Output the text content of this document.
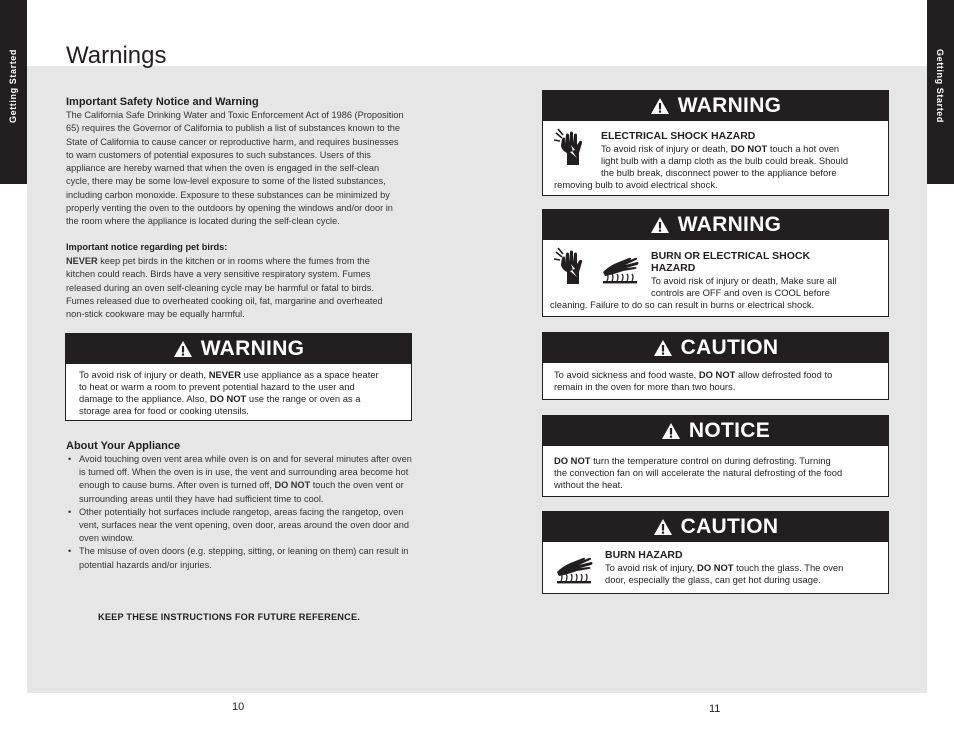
Getting Started	Getting Started
Warnings
Important Safety Notice and Warning
The California Safe Drinking Water and Toxic Enforcement Act of 1986 (Proposition
65) requires the Governor of California to publish a list of substances known to the
State of California to cause cancer or reproductive harm, and requires businesses
to warn customers of potential exposures to such substances. Users of this
appliance are hereby warned that when the oven is engaged in the self-clean
cycle, there may be some low-level exposure to some of the listed substances,
including carbon monoxide. Exposure to these substances can be minimized by
properly venting the oven to the outdoors by opening the windows and/or door in
the room where the appliance is located during the self-clean cycle.
Important notice regarding pet birds:
NEVER keep pet birds in the kitchen or in rooms where the fumes from the
kitchen could reach. Birds have a very sensitive respiratory system. Fumes
released during an oven self-cleaning cycle may be harmful or fatal to birds.
Fumes released due to overheated cooking oil, fat, margarine and overheated
non-stick cookware may be equally harmful.
WARNING
To avoid risk of injury or death, NEVER use appliance as a space heater
to heat or warm a room to prevent potential hazard to the user and
damage to the appliance. Also, DO NOT use the range or oven as a
storage area for food or cooking utensils.
About Your Appliance
• Avoid touching oven vent area while oven is on and for several minutes after oven is turned off. When the oven is in use, the vent and surrounding area become hot enough to cause burns. After oven is turned off, DO NOT touch the oven vent or surrounding areas until they have had sufficient time to cool.
• Other potentially hot surfaces include rangetop, areas facing the rangetop, oven vent, surfaces near the vent opening, oven door, areas around the oven door and oven window.
• The misuse of oven doors (e.g. stepping, sitting, or leaning on them) can result in potential hazards and/or injuries.
KEEP THESE INSTRUCTIONS FOR FUTURE REFERENCE.
WARNING
ELECTRICAL SHOCK HAZARD
To avoid risk of injury or death, DO NOT touch a hot oven
light bulb with a damp cloth as the bulb could break. Should
the bulb break, disconnect power to the appliance before
removing bulb to avoid electrical shock.
WARNING
BURN OR ELECTRICAL SHOCK
HAZARD
To avoid risk of injury or death, Make sure all
controls are OFF and oven is COOL before
cleaning. Failure to do so can result in burns or electrical shock.
CAUTION
To avoid sickness and food waste, DO NOT allow defrosted food to
remain in the oven for more than two hours.
NOTICE
DO NOT turn the temperature control on during defrosting. Turning
the convection fan on will accelerate the natural defrosting of the food
without the heat.
CAUTION
BURN HAZARD
To avoid risk of injury, DO NOT touch the glass. The oven
door, especially the glass, can get hot during usage.
10	11
